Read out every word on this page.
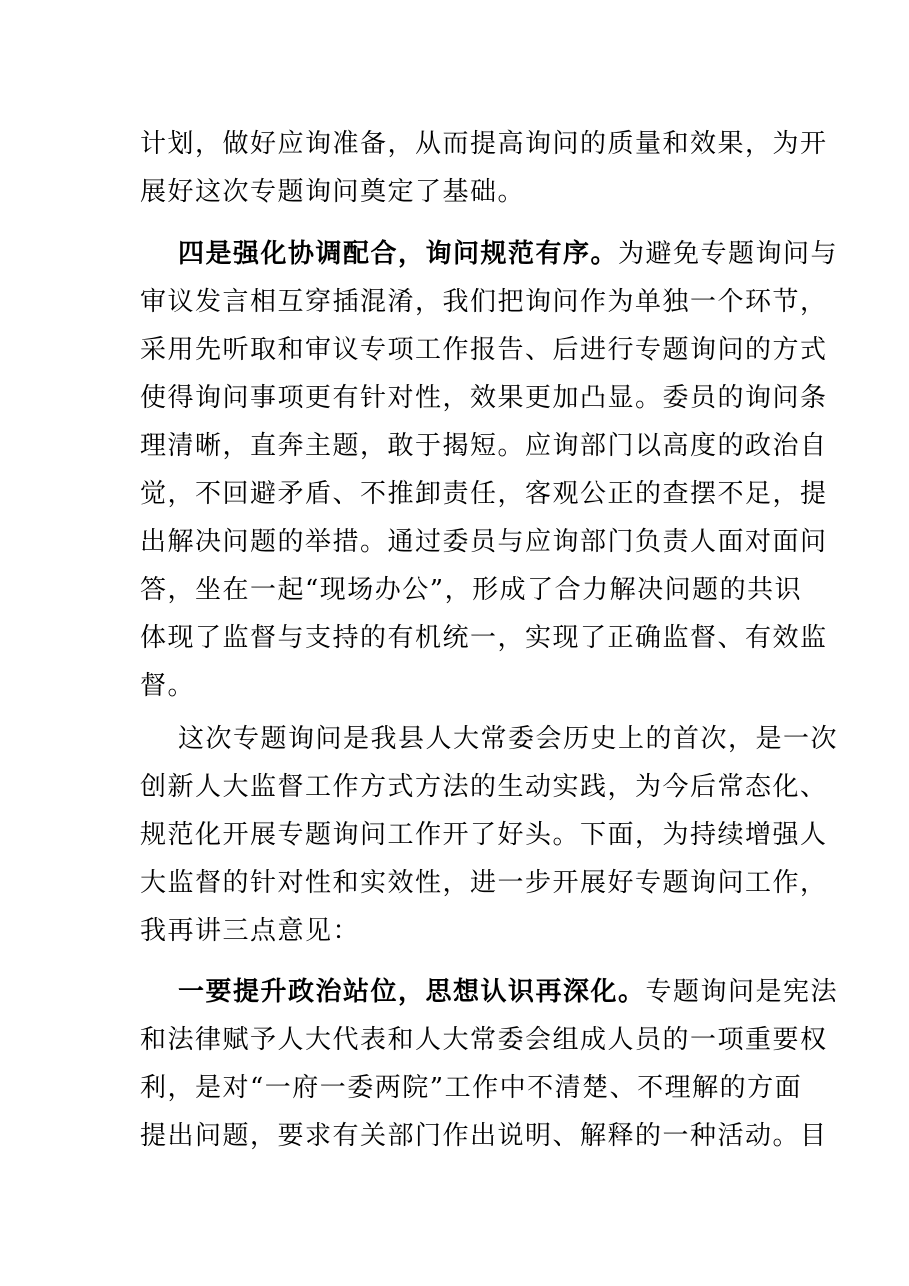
计划，做好应询准备，从而提高询问的质量和效果，为开
展好这次专题询问奠定了基础。
四是强化协调配合，询问规范有序。为避免专题询问与
审议发言相互穿插混淆，我们把询问作为单独一个环节，
采用先听取和审议专项工作报告、后进行专题询问的方式
使得询问事项更有针对性，效果更加凸显。委员的询问条
理清晰，直奔主题，敢于揭短。应询部门以高度的政治自
觉，不回避矛盾、不推卸责任，客观公正的查摆不足，提
出解决问题的举措。通过委员与应询部门负责人面对面问
答，坐在一起“现场办公”，形成了合力解决问题的共识
体现了监督与支持的有机统一，实现了正确监督、有效监
督。
这次专题询问是我县人大常委会历史上的首次，是一次
创新人大监督工作方式方法的生动实践，为今后常态化、
规范化开展专题询问工作开了好头。下面，为持续增强人
大监督的针对性和实效性，进一步开展好专题询问工作，
我再讲三点意见：
一要提升政治站位，思想认识再深化。专题询问是宪法
和法律赋予人大代表和人大常委会组成人员的一项重要权
利，是对“一府一委两院”工作中不清楚、不理解的方面
提出问题，要求有关部门作出说明、解释的一种活动。目
